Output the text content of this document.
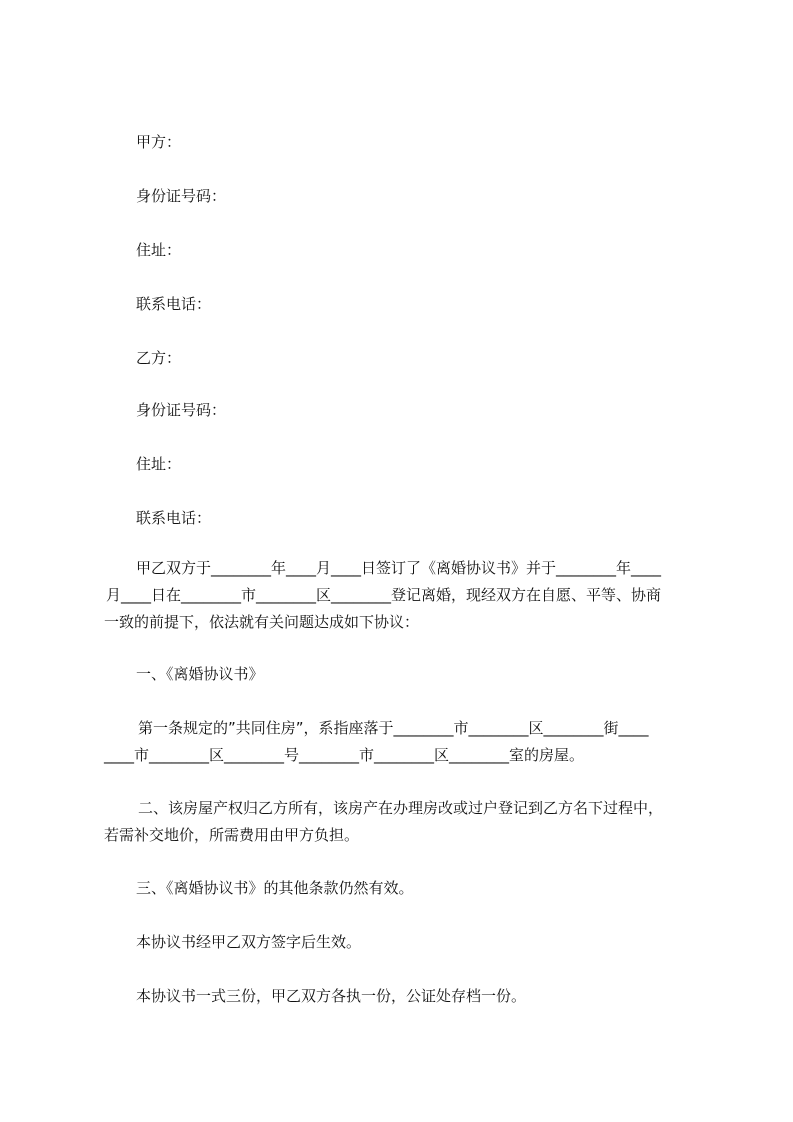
甲方：
身份证号码：
住址：
联系电话：
乙方：
身份证号码：
住址：
联系电话：
甲乙双方于________年____月____日签订了《离婚协议书》并于________年____
月____日在________市________区________登记离婚，现经双方在自愿、平等、协商
一致的前提下，依法就有关问题达成如下协议：
一、《离婚协议书》
第一条规定的”共同住房”，系指座落于________市________区________街____
____市________区________号________市________区________室的房屋。
二、该房屋产权归乙方所有，该房产在办理房改或过户登记到乙方名下过程中，
若需补交地价，所需费用由甲方负担。
三、《离婚协议书》的其他条款仍然有效。
本协议书经甲乙双方签字后生效。
本协议书一式三份，甲乙双方各执一份，公证处存档一份。
